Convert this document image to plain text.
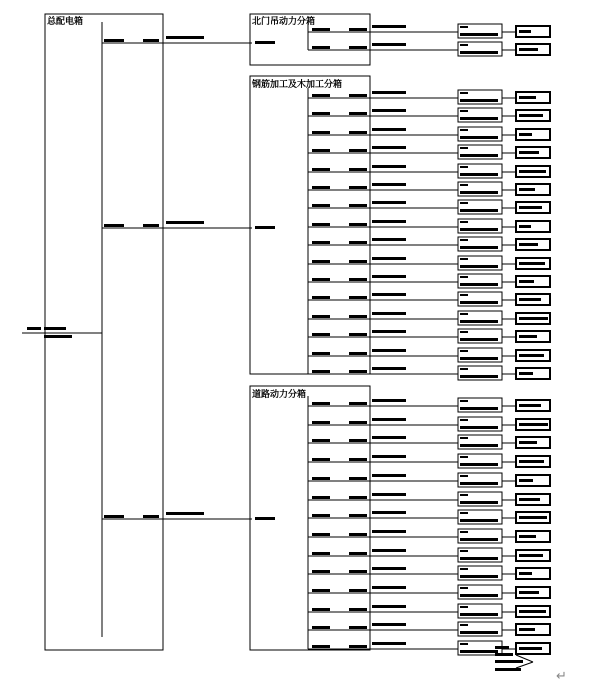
总配电箱	北门吊动力分箱
钢筋加工及木加工分箱
道路动力分箱
↵
